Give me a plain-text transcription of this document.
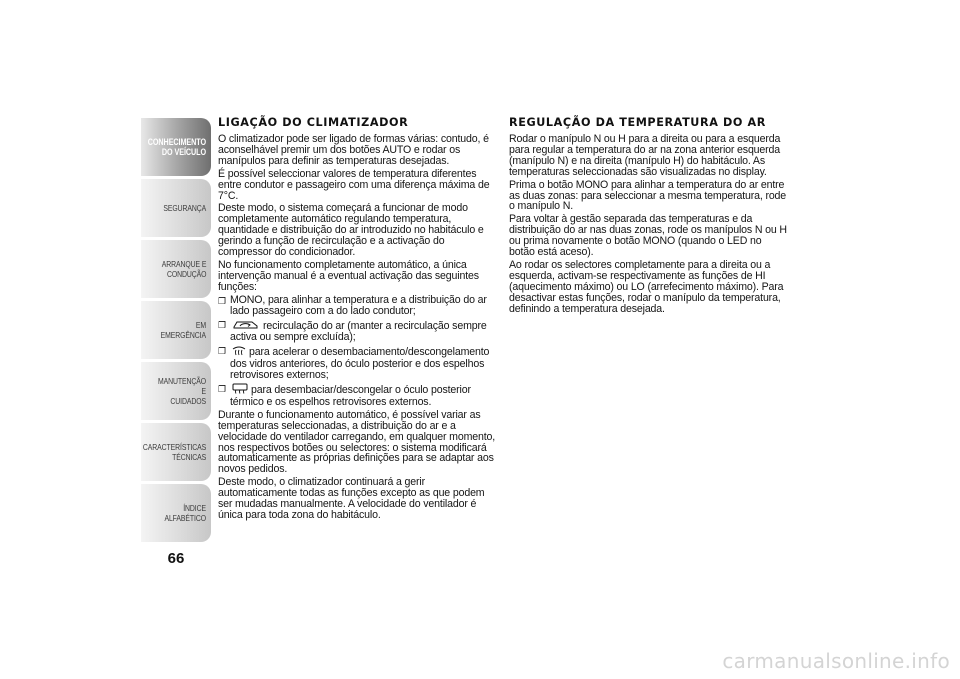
CONHECIMENTO
DO VEÍCULO
SEGURANÇA
ARRANQUE E
CONDUÇÃO
EM EMERGÊNCIA
MANUTENÇÃO E
CUIDADOS
CARACTERÍSTICAS
TÉCNICAS
ÍNDICE ALFABÉTICO
66
LIGAÇÃO DO CLIMATIZADOR

O climatizador pode ser ligado de formas várias: contudo, é aconselhável premir um dos botões AUTO e rodar os manípulos para definir as temperaturas desejadas.

É possível seleccionar valores de temperatura diferentes entre condutor e passageiro com uma diferença máxima de 7°C.

Deste modo, o sistema começará a funcionar de modo completamente automático regulando temperatura, quantidade e distribuição do ar introduzido no habitáculo e gerindo a função de recirculação e a activação do compressor do condicionador.

No funcionamento completamente automático, a única intervenção manual é a eventual activação das seguintes funções:

❐ MONO, para alinhar a temperatura e a distribuição do ar lado passageiro com a do lado condutor;

❐	recirculação do ar (manter a recirculação sempre activa ou sempre excluída);

❐ para acelerar o desembaciamento/descongelamento dos vidros anteriores, do óculo posterior e dos espelhos retrovisores externos;

❐ para desembaciar/descongelar o óculo posterior térmico e os espelhos retrovisores externos.

Durante o funcionamento automático, é possível variar as temperaturas seleccionadas, a distribuição do ar e a velocidade do ventilador carregando, em qualquer momento, nos respectivos botões ou selectores: o sistema modificará automaticamente as próprias definições para se adaptar aos novos pedidos.

Deste modo, o climatizador continuará a gerir automaticamente todas as funções excepto as que podem ser mudadas manualmente. A velocidade do ventilador é única para toda zona do habitáculo.

REGULAÇÃO DA TEMPERATURA DO AR

Rodar o manípulo N ou H para a direita ou para a esquerda para regular a temperatura do ar na zona anterior esquerda (manípulo N) e na direita (manípulo H) do habitáculo. As temperaturas seleccionadas são visualizadas no display.

Prima o botão MONO para alinhar a temperatura do ar entre as duas zonas: para seleccionar a mesma temperatura, rode o manípulo N.

Para voltar à gestão separada das temperaturas e da distribuição do ar nas duas zonas, rode os manípulos N ou H ou prima novamente o botão MONO (quando o LED no botão está aceso).

Ao rodar os selectores completamente para a direita ou a esquerda, activam-se respectivamente as funções de HI (aquecimento máximo) ou LO (arrefecimento máximo). Para desactivar estas funções, rodar o manípulo da temperatura, definindo a temperatura desejada.

carmanualsonline.info
